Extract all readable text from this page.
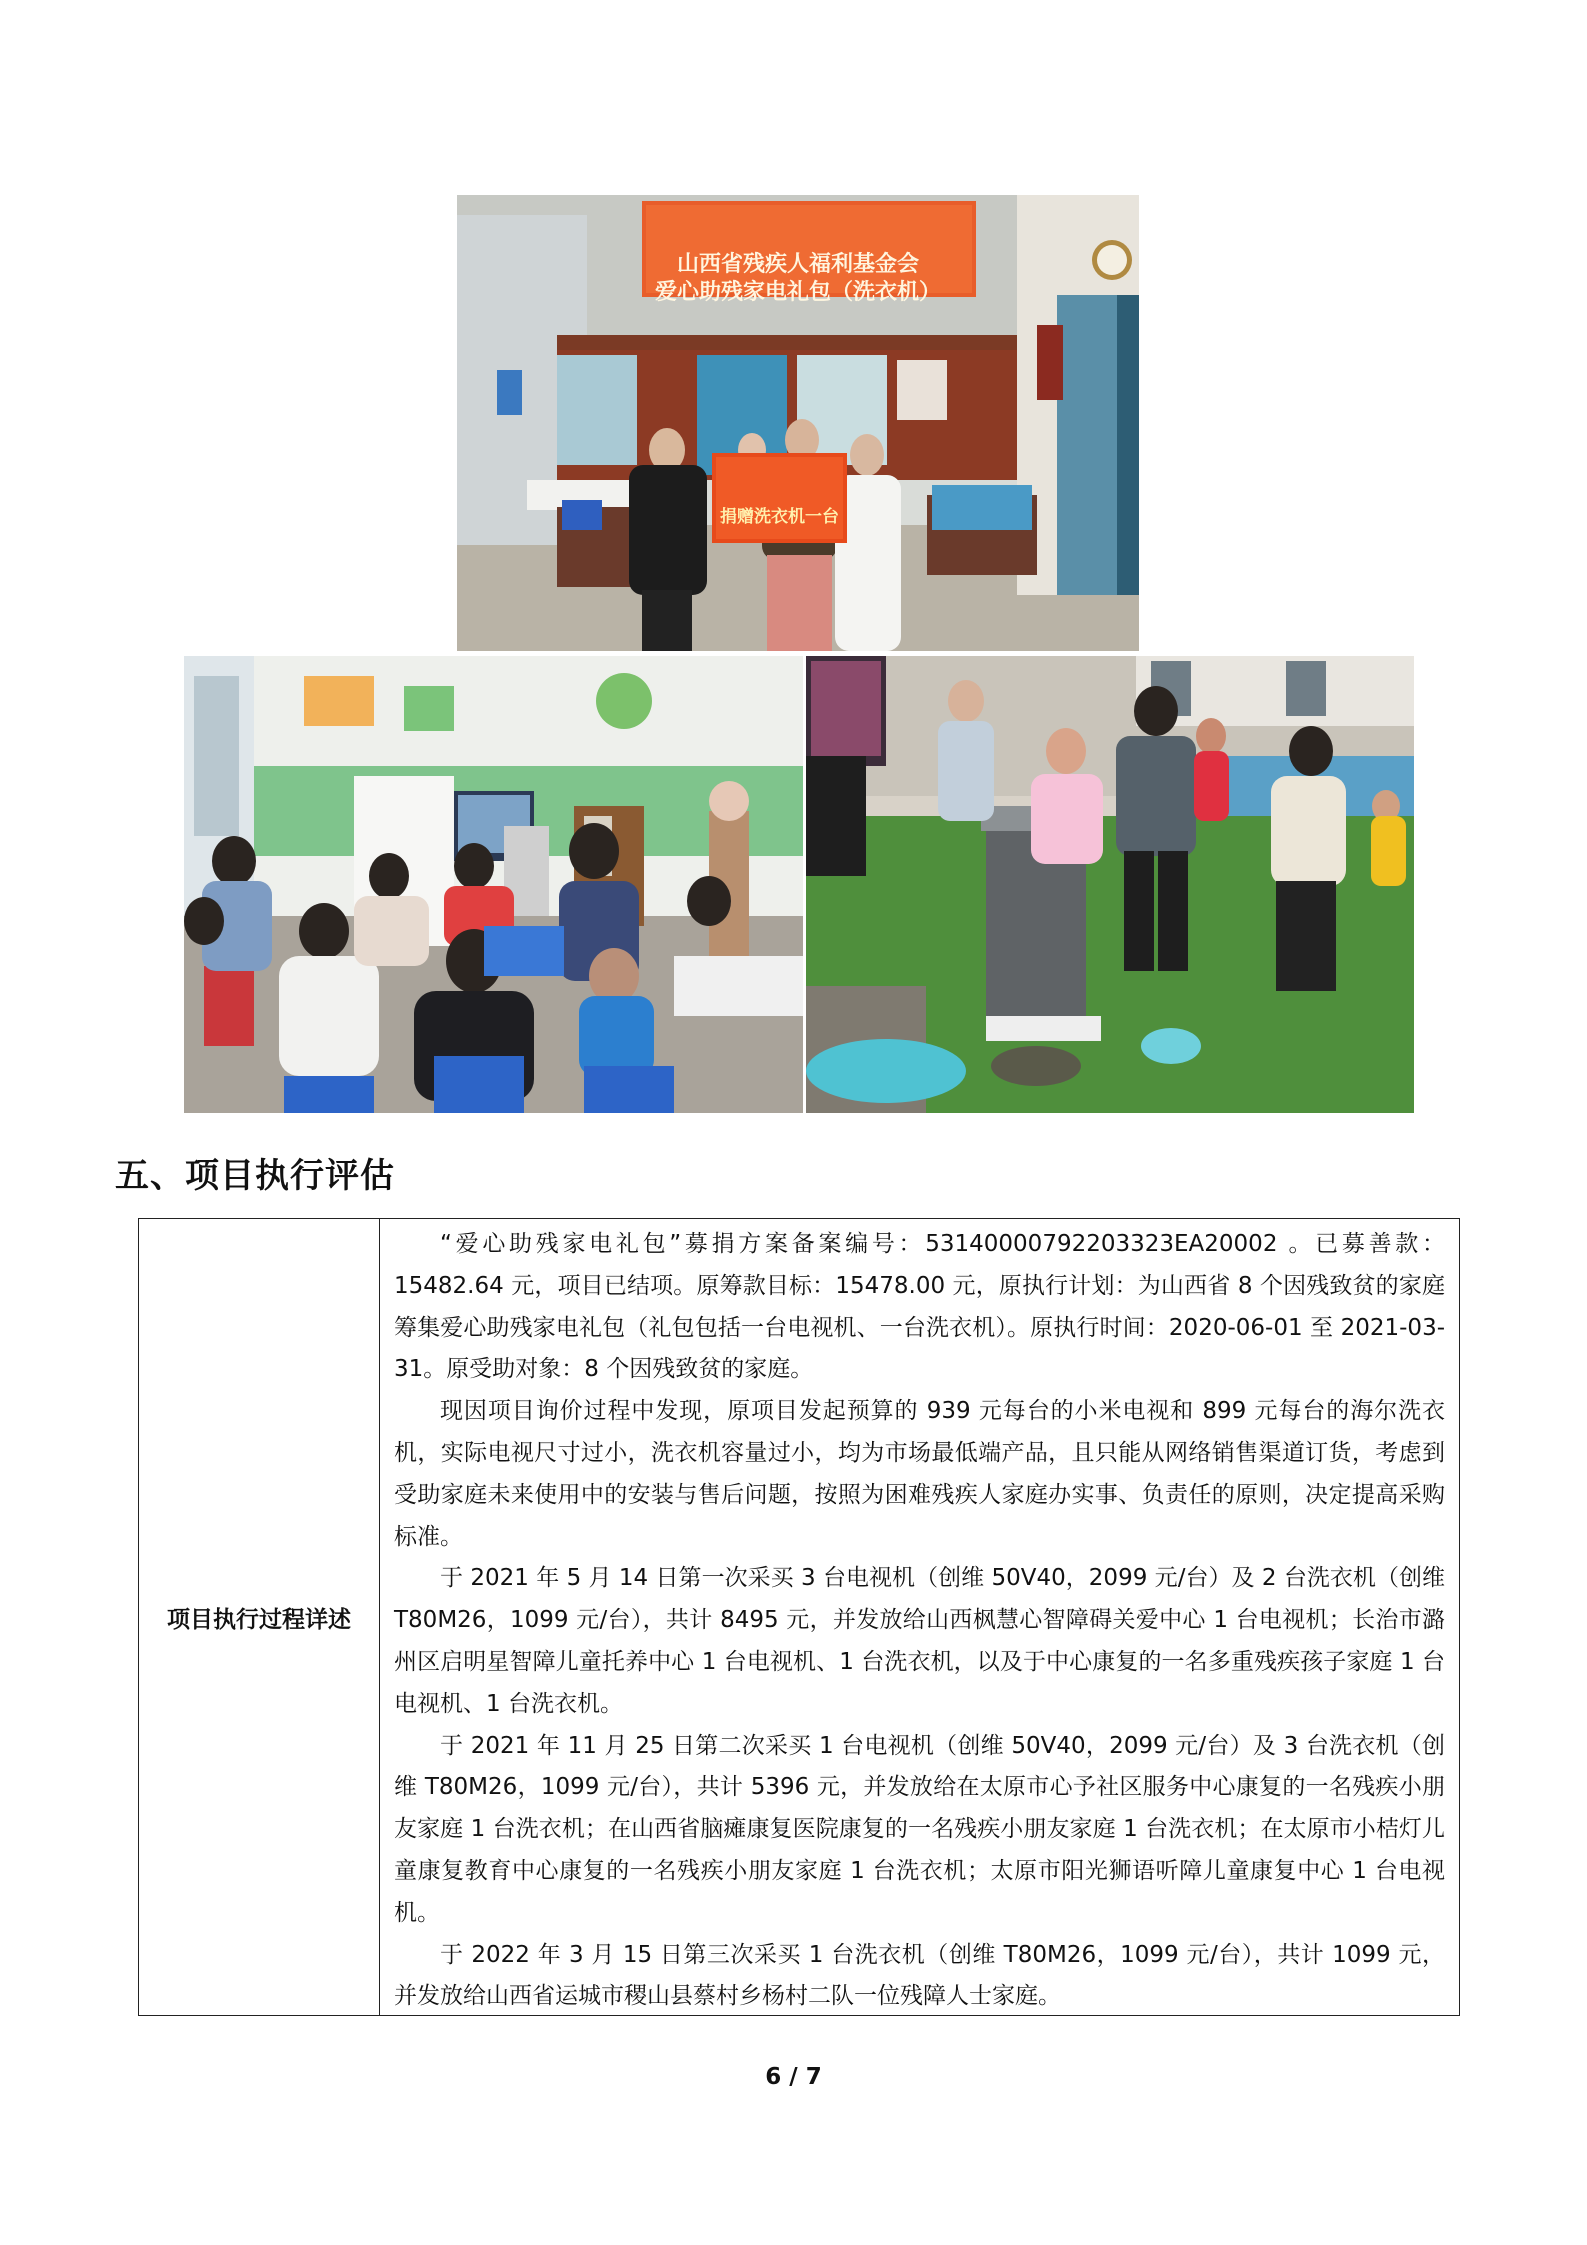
山西省残疾人福利基金会
爱心助残家电礼包（洗衣机）
捐赠洗衣机一台
五、项目执行评估
项目执行过程详述

“爱心助残家电礼包”募捐方案备案编号：53140000792203323EA20002 。已募善款：15482.64 元，项目已结项。原筹款目标：15478.00 元，原执行计划：为山西省 8 个因残致贫的家庭筹集爱心助残家电礼包（礼包包括一台电视机、一台洗衣机）。原执行时间：2020-06-01 至 2021-03-31。原受助对象：8 个因残致贫的家庭。

现因项目询价过程中发现，原项目发起预算的 939 元每台的小米电视和 899 元每台的海尔洗衣机，实际电视尺寸过小，洗衣机容量过小，均为市场最低端产品，且只能从网络销售渠道订货，考虑到受助家庭未来使用中的安装与售后问题，按照为困难残疾人家庭办实事、负责任的原则，决定提高采购标准。

于 2021 年 5 月 14 日第一次采买 3 台电视机（创维 50V40，2099 元/台）及 2 台洗衣机（创维 T80M26，1099 元/台），共计 8495 元，并发放给山西枫慧心智障碍关爱中心 1 台电视机；长治市潞州区启明星智障儿童托养中心 1 台电视机、1 台洗衣机，以及于中心康复的一名多重残疾孩子家庭 1 台电视机、1 台洗衣机。

于 2021 年 11 月 25 日第二次采买 1 台电视机（创维 50V40，2099 元/台）及 3 台洗衣机（创维 T80M26，1099 元/台），共计 5396 元，并发放给在太原市心予社区服务中心康复的一名残疾小朋友家庭 1 台洗衣机；在山西省脑瘫康复医院康复的一名残疾小朋友家庭 1 台洗衣机；在太原市小桔灯儿童康复教育中心康复的一名残疾小朋友家庭 1 台洗衣机；太原市阳光狮语听障儿童康复中心 1 台电视机。

于 2022 年 3 月 15 日第三次采买 1 台洗衣机（创维 T80M26，1099 元/台），共计 1099 元，并发放给山西省运城市稷山县蔡村乡杨村二队一位残障人士家庭。

6 / 7
